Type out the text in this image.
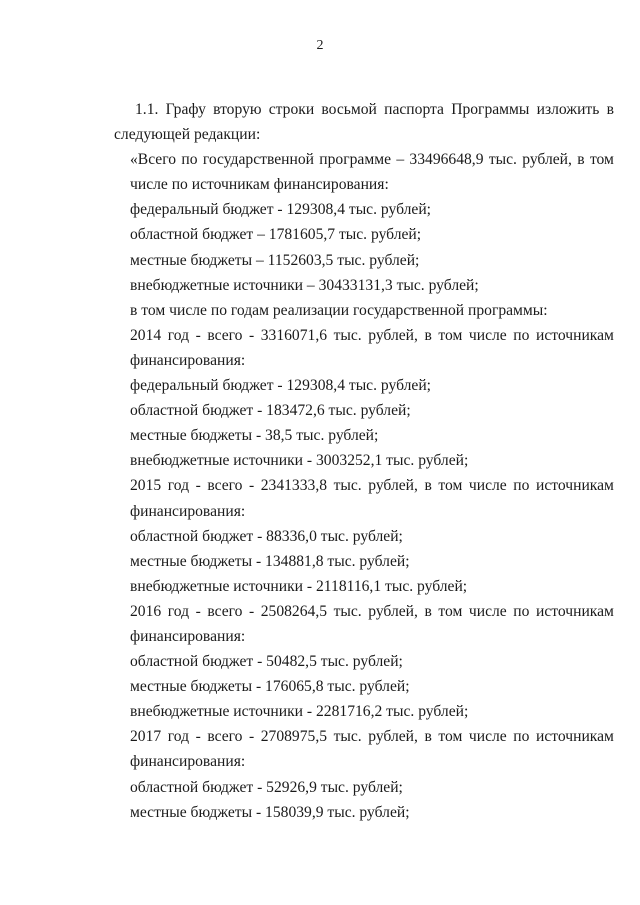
2
1.1. Графу вторую строки восьмой паспорта Программы изложить в
следующей редакции:
«Всего по государственной программе – 33496648,9 тыс. рублей, в том
числе по источникам финансирования:
федеральный бюджет - 129308,4 тыс. рублей;
областной бюджет – 1781605,7 тыс. рублей;
местные бюджеты – 1152603,5 тыс. рублей;
внебюджетные источники – 30433131,3 тыс. рублей;
в том числе по годам реализации государственной программы:
2014 год - всего - 3316071,6 тыс. рублей, в том числе по источникам
финансирования:
федеральный бюджет - 129308,4 тыс. рублей;
областной бюджет - 183472,6 тыс. рублей;
местные бюджеты - 38,5 тыс. рублей;
внебюджетные источники - 3003252,1 тыс. рублей;
2015 год - всего - 2341333,8 тыс. рублей, в том числе по источникам
финансирования:
областной бюджет - 88336,0 тыс. рублей;
местные бюджеты - 134881,8 тыс. рублей;
внебюджетные источники - 2118116,1 тыс. рублей;
2016 год - всего - 2508264,5 тыс. рублей, в том числе по источникам
финансирования:
областной бюджет - 50482,5 тыс. рублей;
местные бюджеты - 176065,8 тыс. рублей;
внебюджетные источники - 2281716,2 тыс. рублей;
2017 год - всего - 2708975,5 тыс. рублей, в том числе по источникам
финансирования:
областной бюджет - 52926,9 тыс. рублей;
местные бюджеты - 158039,9 тыс. рублей;
